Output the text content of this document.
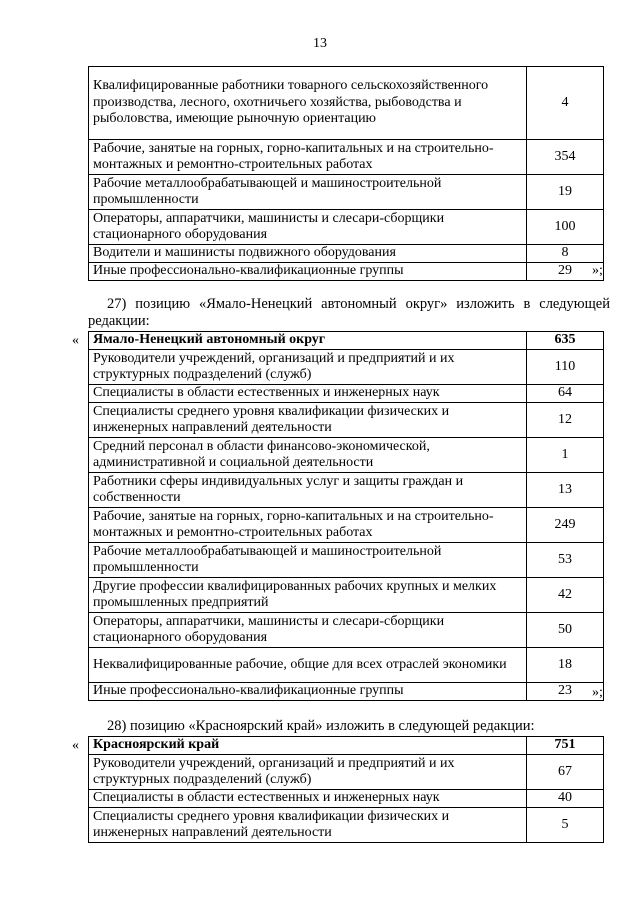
13
Квалифицированные работники товарного сельскохозяйственного производства, лесного, охотничьего хозяйства, рыбоводства и рыболовства, имеющие рыночную ориентацию	4
Рабочие, занятые на горных, горно-капитальных и на строительно-монтажных и ремонтно-строительных работах	354
Рабочие металлообрабатывающей и машиностроительной промышленности	19
Операторы, аппаратчики, машинисты и слесари-сборщики стационарного оборудования	100
Водители и машинисты подвижного оборудования	8
Иные профессионально-квалификационные группы	29 »;
27) позицию «Ямало-Ненецкий автономный округ» изложить в следующей редакции:
« Ямало-Ненецкий автономный округ	635
Руководители учреждений, организаций и предприятий и их структурных подразделений (служб)	110
Специалисты в области естественных и инженерных наук	64
Специалисты среднего уровня квалификации физических и инженерных направлений деятельности	12
Средний персонал в области финансово-экономической, административной и социальной деятельности	1
Работники сферы индивидуальных услуг и защиты граждан и собственности	13
Рабочие, занятые на горных, горно-капитальных и на строительно-монтажных и ремонтно-строительных работах	249
Рабочие металлообрабатывающей и машиностроительной промышленности	53
Другие профессии квалифицированных рабочих крупных и мелких промышленных предприятий	42
Операторы, аппаратчики, машинисты и слесари-сборщики стационарного оборудования	50
Неквалифицированные рабочие, общие для всех отраслей экономики	18
Иные профессионально-квалификационные группы	23 »;
28) позицию «Красноярский край» изложить в следующей редакции:
« Красноярский край	751
Руководители учреждений, организаций и предприятий и их структурных подразделений (служб)	67
Специалисты в области естественных и инженерных наук	40
Специалисты среднего уровня квалификации физических и инженерных направлений деятельности	5
